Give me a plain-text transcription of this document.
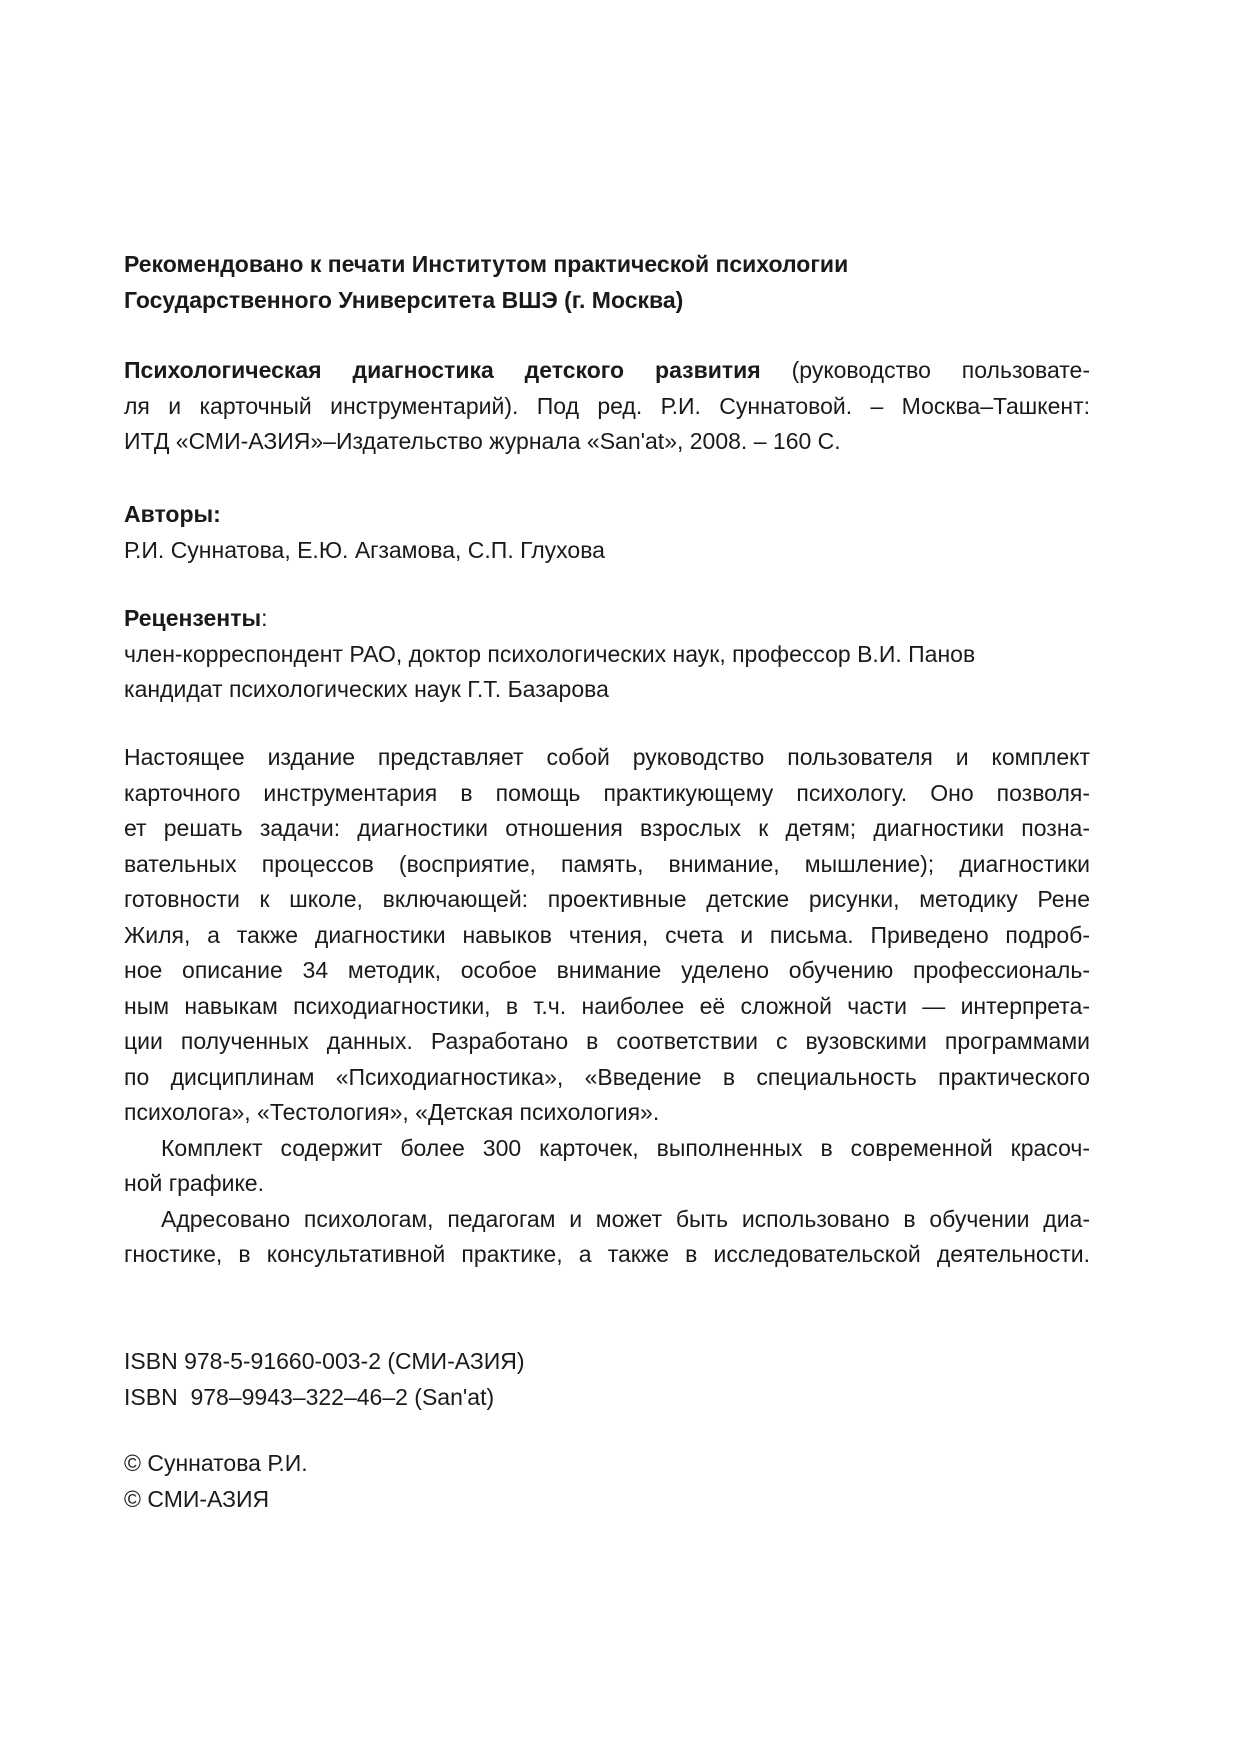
Рекомендовано к печати Институтом практической психологии
Государственного Университета ВШЭ (г. Москва)
Психологическая диагностика детского развития (руководство пользовате-
ля и карточный инструментарий). Под ред. Р.И. Суннатовой. – Москва–Ташкент:
ИТД «СМИ-АЗИЯ»–Издательство журнала «San'at», 2008. – 160 С.
Авторы:
Р.И. Суннатова, Е.Ю. Агзамова, С.П. Глухова
Рецензенты:
член-корреспондент РАО, доктор психологических наук, профессор В.И. Панов
кандидат психологических наук Г.Т. Базарова
Настоящее издание представляет собой руководство пользователя и комплект
карточного инструментария в помощь практикующему психологу. Оно позволя-
ет решать задачи: диагностики отношения взрослых к детям; диагностики позна-
вательных процессов (восприятие, память, внимание, мышление); диагностики
готовности к школе, включающей: проективные детские рисунки, методику Рене
Жиля, а также диагностики навыков чтения, счета и письма. Приведено подроб-
ное описание 34 методик, особое внимание уделено обучению профессиональ-
ным навыкам психодиагностики, в т.ч. наиболее её сложной части — интерпрета-
ции полученных данных. Разработано в соответствии с вузовскими программами
по дисциплинам «Психодиагностика», «Введение в специальность практического
психолога», «Тестология», «Детская психология».
Комплект содержит более 300 карточек, выполненных в современной красоч-
ной графике.
Адресовано психологам, педагогам и может быть использовано в обучении диа-
гностике, в консультативной практике, а также в исследовательской деятельности.
ISBN 978-5-91660-003-2 (СМИ-АЗИЯ)
ISBN  978–9943–322–46–2 (San'at)
© Суннатова Р.И.
© СМИ-АЗИЯ
